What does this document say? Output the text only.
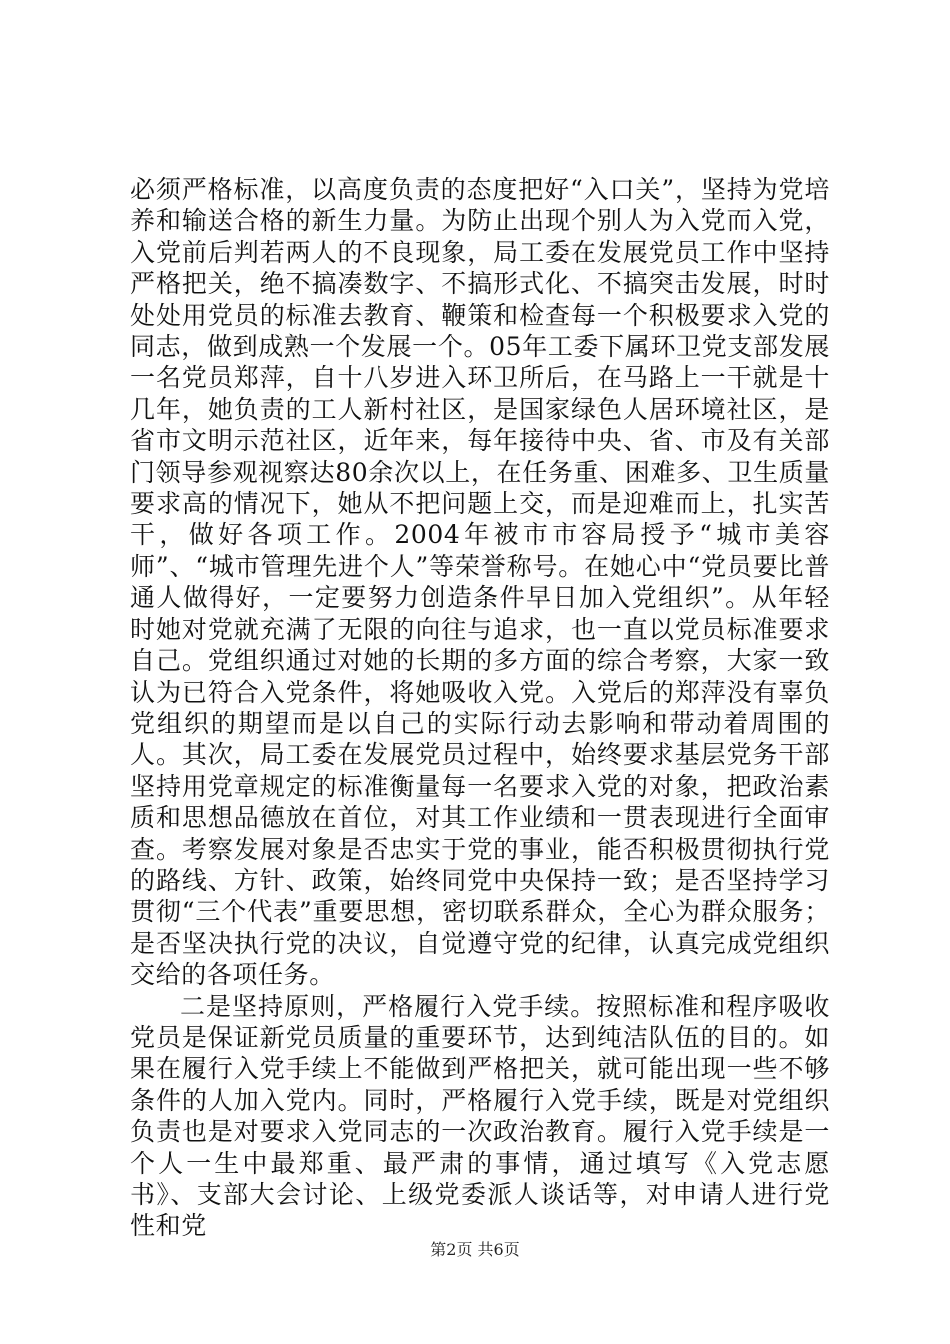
必须严格标准，以高度负责的态度把好“入口关”，坚持为党培养和输送合格的新生力量。为防止出现个别人为入党而入党，入党前后判若两人的不良现象，局工委在发展党员工作中坚持严格把关，绝不搞凑数字、不搞形式化、不搞突击发展，时时处处用党员的标准去教育、鞭策和检查每一个积极要求入党的同志，做到成熟一个发展一个。05年工委下属环卫党支部发展一名党员郑萍，自十八岁进入环卫所后，在马路上一干就是十几年，她负责的工人新村社区，是国家绿色人居环境社区，是省市文明示范社区，近年来，每年接待中央、省、市及有关部门领导参观视察达80余次以上，在任务重、困难多、卫生质量要求高的情况下，她从不把问题上交，而是迎难而上，扎实苦干，做好各项工作。2004年被市市容局授予“城市美容师”、“城市管理先进个人”等荣誉称号。在她心中“党员要比普通人做得好，一定要努力创造条件早日加入党组织”。从年轻时她对党就充满了无限的向往与追求，也一直以党员标准要求自己。党组织通过对她的长期的多方面的综合考察，大家一致认为已符合入党条件，将她吸收入党。入党后的郑萍没有辜负党组织的期望而是以自己的实际行动去影响和带动着周围的人。其次，局工委在发展党员过程中，始终要求基层党务干部坚持用党章规定的标准衡量每一名要求入党的对象，把政治素质和思想品德放在首位，对其工作业绩和一贯表现进行全面审查。考察发展对象是否忠实于党的事业，能否积极贯彻执行党的路线、方针、政策，始终同党中央保持一致；是否坚持学习贯彻“三个代表”重要思想，密切联系群众，全心为群众服务；是否坚决执行党的决议，自觉遵守党的纪律，认真完成党组织交给的各项任务。

二是坚持原则，严格履行入党手续。按照标准和程序吸收党员是保证新党员质量的重要环节，达到纯洁队伍的目的。如果在履行入党手续上不能做到严格把关，就可能出现一些不够条件的人加入党内。同时，严格履行入党手续，既是对党组织负责也是对要求入党同志的一次政治教育。履行入党手续是一个人一生中最郑重、最严肃的事情，通过填写《入党志愿书》、支部大会讨论、上级党委派人谈话等，对申请人进行党性和党

第2页 共6页
